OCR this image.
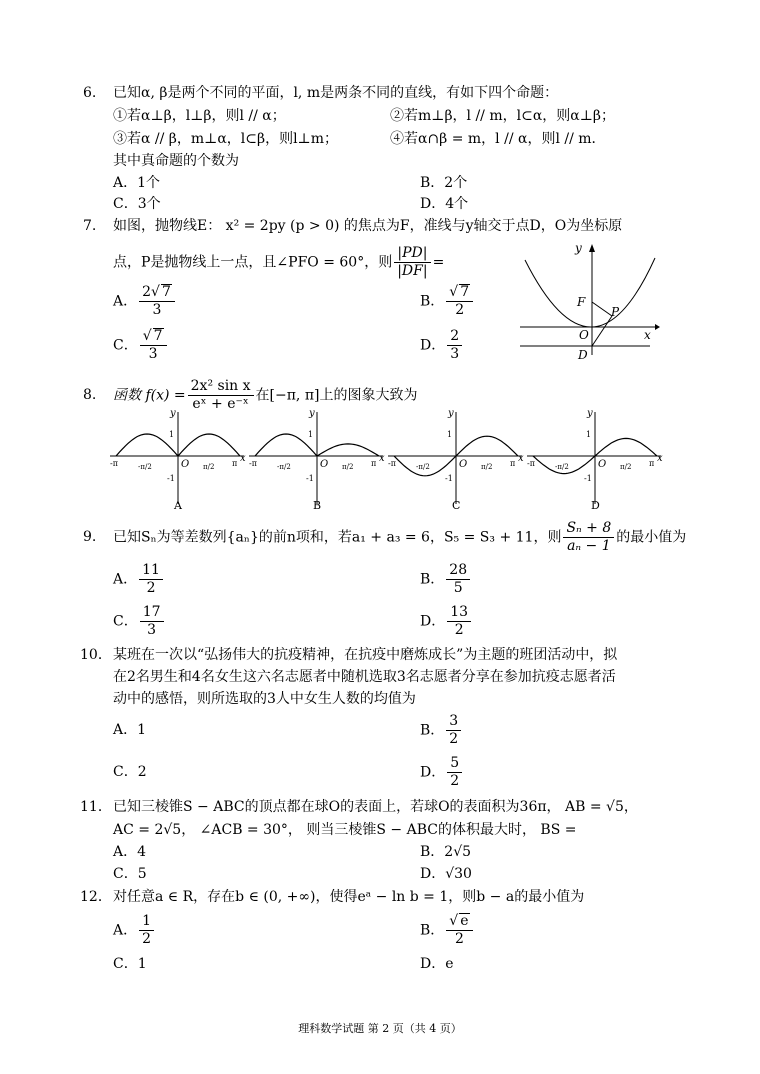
6. 已知α, β是两个不同的平面，l, m是两条不同的直线，有如下四个命题：
①若α⊥β，l⊥β，则l // α；	②若m⊥β，l // m，l⊂α，则α⊥β；
③若α // β，m⊥α，l⊂β，则l⊥m；	④若α∩β = m，l // α，则l // m．
其中真命题的个数为
A．1个	B．2个
C．3个	D．4个
7. 如图，抛物线E： x² = 2py (p > 0) 的焦点为F，准线与y轴交于点D，O为坐标原
点，P是抛物线上一点，且∠PFO = 60°，则 $\frac{|PD|}{|DF|}$ =
A． $\frac{2 √ 7}{3}$	B． √ $\frac{7}{2}$
C． √ $\frac{7}{3}$	D． $\frac{2}{3}$
y
x
F
P
O
D
8. 函数 $f(x) = \frac{\text{2x² sin x}}{\text{eˣ + e⁻ˣ}}$ 在[−π, π]上的图象大致为
y
x
O
1
-1
-π	π
-π/2	π/2
A
y
x
O
1
-1
-π	π
-π/2	π/2
B
y
x
O
1
-1
-π	π
-π/2	π/2
C
y
x
O
1
-1
-π	π
-π/2	π/2
D
9. 已知Sₙ为等差数列{aₙ}的前n项和，若a₁ + a₃ = 6，S₅ = S₃ + 11，则 $\frac{\text{Sₙ + 8}}{\text{aₙ − 1}}$ 的最小值为
A． $\frac{11}{2}$	B． $\frac{28}{5}$
C． $\frac{17}{3}$	D． $\frac{13}{2}$
10． 某班在一次以“弘扬伟大的抗疫精神，在抗疫中磨炼成长”为主题的班团活动中，拟
在2名男生和4名女生这六名志愿者中随机选取3名志愿者分享在参加抗疫志愿者活
动中的感悟，则所选取的3人中女生人数的均值为
A．1	B． $\frac{3}{2}$
C．2	D． $\frac{5}{2}$
11． 已知三棱锥S − ABC的顶点都在球O的表面上，若球O的表面积为36π， AB = √5，
AC = 2√5， ∠ACB = 30°， 则当三棱锥S − ABC的体积最大时， BS =
A．4	B．2√5
C．5	D．√30
12． 对任意a ∈ R，存在b ∈ (0, +∞)，使得eᵃ − ln b = 1，则b − a的最小值为
A． $\frac{1}{2}$	B． √ $\frac{e}{2}$
C．1	D．e
理科数学试题 第 2 页（共 4 页）
